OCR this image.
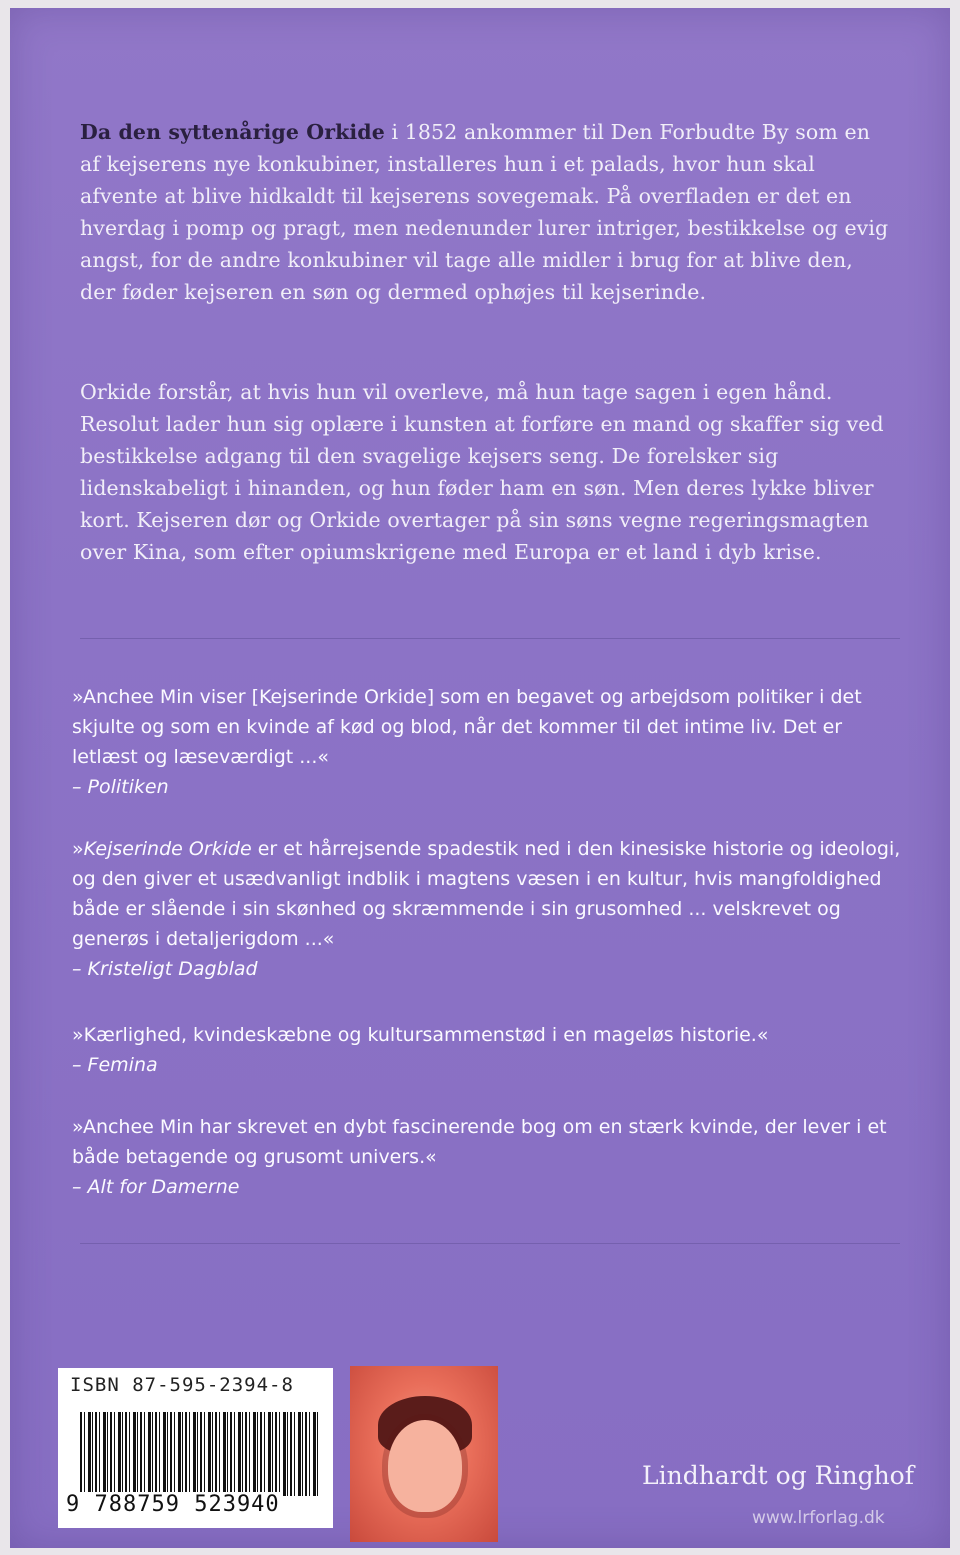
Da den syttenårige Orkide i 1852 ankommer til Den Forbudte By som en af kejserens nye konkubiner, installeres hun i et palads, hvor hun skal afvente at blive hidkaldt til kejserens sovegemak. På overfladen er det en hverdag i pomp og pragt, men nedenunder lurer intriger, bestikkelse og evig angst, for de andre konkubiner vil tage alle midler i brug for at blive den, der føder kejseren en søn og dermed ophøjes til kejserinde.

Orkide forstår, at hvis hun vil overleve, må hun tage sagen i egen hånd. Resolut lader hun sig oplære i kunsten at forføre en mand og skaffer sig ved bestikkelse adgang til den svagelige kejsers seng. De forelsker sig lidenskabeligt i hinanden, og hun føder ham en søn. Men deres lykke bliver kort. Kejseren dør og Orkide overtager på sin søns vegne regeringsmagten over Kina, som efter opiumskrigene med Europa er et land i dyb krise.

»Anchee Min viser [Kejserinde Orkide] som en begavet og arbejdsom politiker i det skjulte og som en kvinde af kød og blod, når det kommer til det intime liv. Det er letlæst og læseværdigt ...«
– Politiken

»Kejserinde Orkide er et hårrejsende spadestik ned i den kinesiske historie og ideologi, og den giver et usædvanligt indblik i magtens væsen i en kultur, hvis mangfoldighed både er slående i sin skønhed og skræmmende i sin grusomhed ... velskrevet og generøs i detaljerigdom ...«
– Kristeligt Dagblad

»Kærlighed, kvindeskæbne og kultursammenstød i en mageløs historie.«
– Femina

»Anchee Min har skrevet en dybt fascinerende bog om en stærk kvinde, der lever i et både betagende og grusomt univers.«
– Alt for Damerne

ISBN 87-595-2394-8
9 788759 523940
Lindhardt og Ringhof
www.lrforlag.dk
